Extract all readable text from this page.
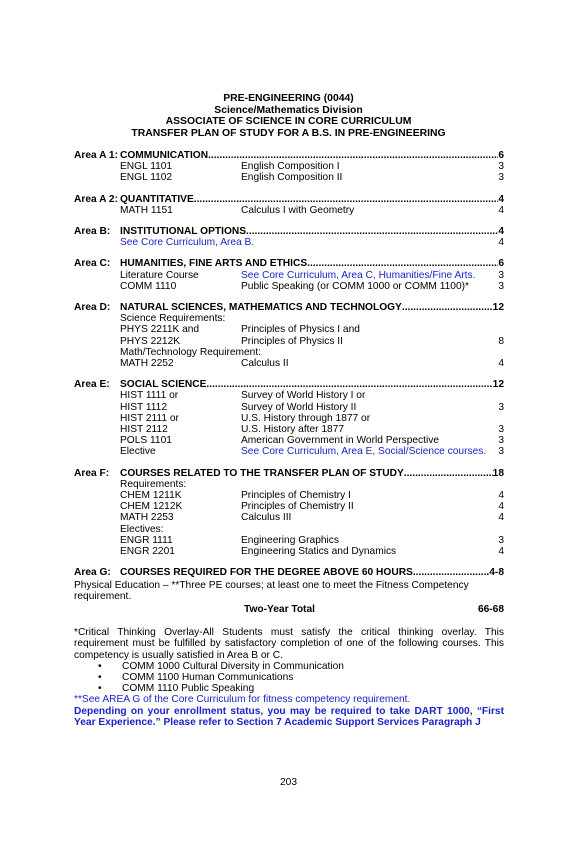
PRE-ENGINEERING (0044)
Science/Mathematics Division
ASSOCIATE OF SCIENCE IN CORE CURRICULUM
TRANSFER PLAN OF STUDY FOR A B.S. IN PRE-ENGINEERING
Area A 1: COMMUNICATION .....	6
ENGL 1101	English Composition I	3
ENGL 1102	English Composition II	3
Area A 2: QUANTITATIVE .....	4
MATH 1151	Calculus I with Geometry	4
Area B: INSTITUTIONAL OPTIONS .....	4
See Core Curriculum, Area B.	4
Area C: HUMANITIES, FINE ARTS AND ETHICS .....	6
Literature Course	See Core Curriculum, Area C, Humanities/Fine Arts.	3
COMM 1110	Public Speaking (or COMM 1000 or COMM 1100)*	3
Area D: NATURAL SCIENCES, MATHEMATICS AND TECHNOLOGY .....	12
Science Requirements:
PHYS 2211K and	Principles of Physics I and
PHYS 2212K	Principles of Physics II	8
Math/Technology Requirement:
MATH 2252	Calculus II	4
Area E:	SOCIAL SCIENCE .....	12
HIST 1111 or	Survey of World History I or
HIST 1112	Survey of World History II	3
HIST 2111 or	U.S. History through 1877 or
HIST 2112	U.S. History after 1877	3
POLS 1101	American Government in World Perspective	3
Elective	See Core Curriculum, Area E, Social/Science courses.	3
Area F:	COURSES RELATED TO THE TRANSFER PLAN OF STUDY .....	18
Requirements:
CHEM 1211K	Principles of Chemistry I	4
CHEM 1212K	Principles of Chemistry II	4
MATH 2253	Calculus III	4
Electives:
ENGR 1111	Engineering Graphics	3
ENGR 2201	Engineering Statics and Dynamics	4
Area G: COURSES REQUIRED FOR THE DEGREE ABOVE 60 HOURS .....	4-8
Physical Education – **Three PE courses; at least one to meet the Fitness Competency requirement.
Two-Year Total	66-68
*Critical Thinking Overlay-All Students must satisfy the critical thinking overlay. This requirement must be fulfilled by satisfactory completion of one of the following courses. This competency is usually satisfied in Area B or C.
• COMM 1000 Cultural Diversity in Communication
• COMM 1100 Human Communications
• COMM 1110 Public Speaking
**See AREA G of the Core Curriculum for fitness competency requirement.
Depending on your enrollment status, you may be required to take DART 1000, “First Year Experience.” Please refer to Section 7 Academic Support Services Paragraph J
203
